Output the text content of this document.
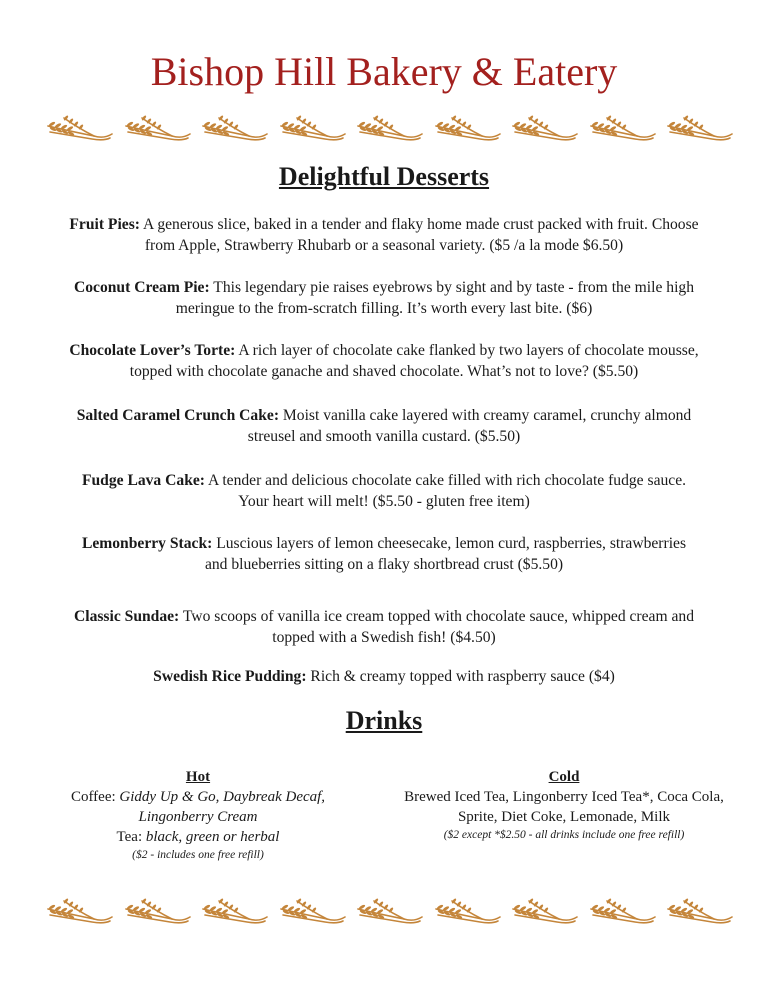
Bishop Hill Bakery & Eatery
Delightful Desserts
Fruit Pies: A generous slice, baked in a tender and flaky home made crust packed with fruit. Choose
from Apple, Strawberry Rhubarb or a seasonal variety. ($5 /a la mode $6.50)
Coconut Cream Pie: This legendary pie raises eyebrows by sight and by taste - from the mile high
meringue to the from-scratch filling. It’s worth every last bite. ($6)
Chocolate Lover’s Torte: A rich layer of chocolate cake flanked by two layers of chocolate mousse,
topped with chocolate ganache and shaved chocolate. What’s not to love? ($5.50)
Salted Caramel Crunch Cake: Moist vanilla cake layered with creamy caramel, crunchy almond
streusel and smooth vanilla custard. ($5.50)
Fudge Lava Cake: A tender and delicious chocolate cake filled with rich chocolate fudge sauce.
Your heart will melt! ($5.50 - gluten free item)
Lemonberry Stack: Luscious layers of lemon cheesecake, lemon curd, raspberries, strawberries
and blueberries sitting on a flaky shortbread crust ($5.50)
Classic Sundae: Two scoops of vanilla ice cream topped with chocolate sauce, whipped cream and
topped with a Swedish fish! ($4.50)
Swedish Rice Pudding: Rich & creamy topped with raspberry sauce ($4)
Drinks
Hot
Coffee: Giddy Up & Go, Daybreak Decaf,
Lingonberry Cream
Tea: black, green or herbal
($2 - includes one free refill)
Cold
Brewed Iced Tea, Lingonberry Iced Tea*, Coca Cola,
Sprite, Diet Coke, Lemonade, Milk
($2 except *$2.50 - all drinks include one free refill)
